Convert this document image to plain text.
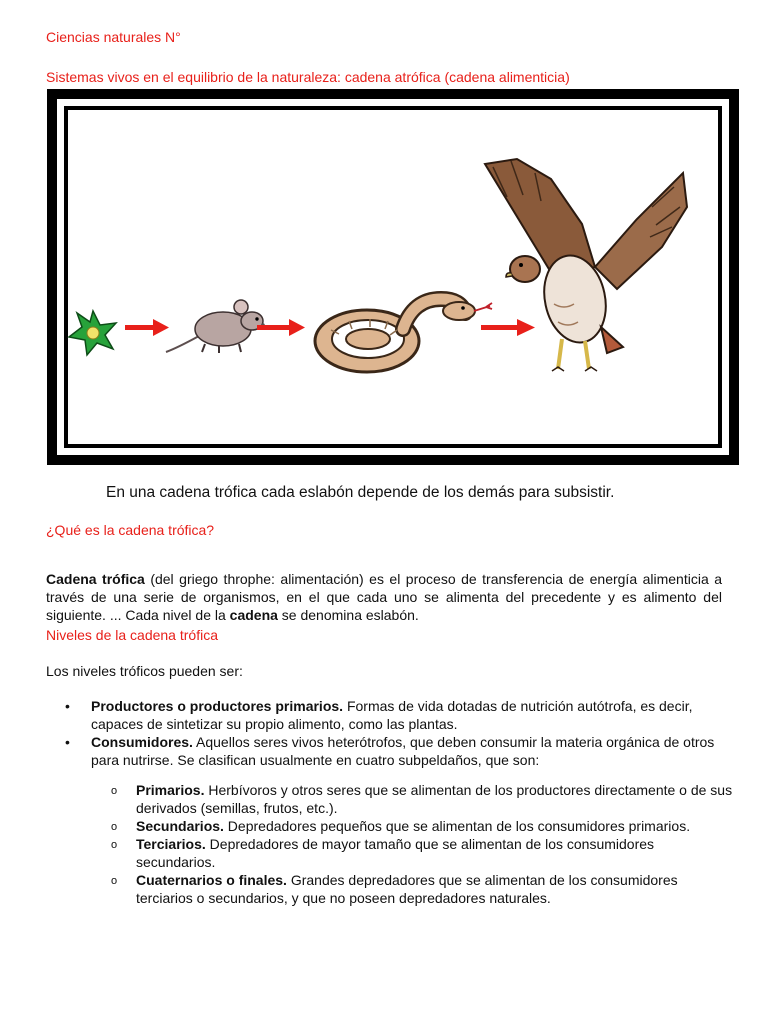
Ciencias naturales N°

Sistemas vivos en el equilibrio de la naturaleza: cadena atrófica (cadena alimenticia)

En una cadena trófica cada eslabón depende de los demás para subsistir.

¿Qué es la cadena trófica?

Cadena trófica (del griego throphe: alimentación) es el proceso de transferencia de energía alimenticia a través de una serie de organismos, en el que cada uno se alimenta del precedente y es alimento del siguiente. ... Cada nivel de la cadena se denomina eslabón.

Niveles de la cadena trófica

Los niveles tróficos pueden ser:

• Productores o productores primarios. Formas de vida dotadas de nutrición autótrofa, es decir, capaces de sintetizar su propio alimento, como las plantas.
• Consumidores. Aquellos seres vivos heterótrofos, que deben consumir la materia orgánica de otros para nutrirse. Se clasifican usualmente en cuatro subpeldaños, que son:
o Primarios. Herbívoros y otros seres que se alimentan de los productores directamente o de sus derivados (semillas, frutos, etc.).
o Secundarios. Depredadores pequeños que se alimentan de los consumidores primarios.
o Terciarios. Depredadores de mayor tamaño que se alimentan de los consumidores secundarios.
o Cuaternarios o finales. Grandes depredadores que se alimentan de los consumidores terciarios o secundarios, y que no poseen depredadores naturales.
